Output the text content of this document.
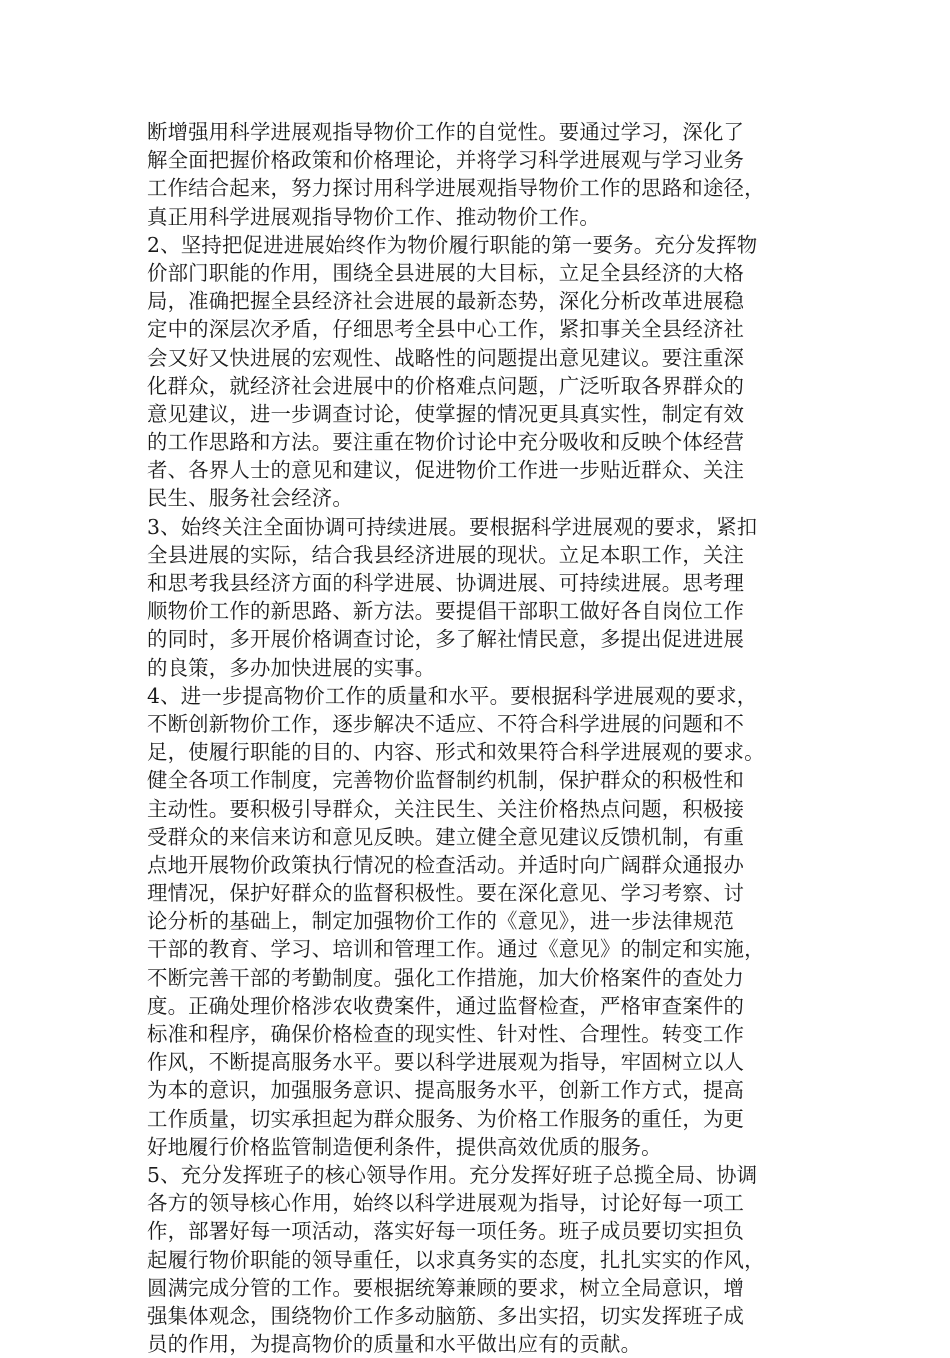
断增强用科学进展观指导物价工作的自觉性。要通过学习，深化了
解全面把握价格政策和价格理论，并将学习科学进展观与学习业务
工作结合起来，努力探讨用科学进展观指导物价工作的思路和途径，
真正用科学进展观指导物价工作、推动物价工作。
2、坚持把促进进展始终作为物价履行职能的第一要务。充分发挥物
价部门职能的作用，围绕全县进展的大目标，立足全县经济的大格
局，准确把握全县经济社会进展的最新态势，深化分析改革进展稳
定中的深层次矛盾，仔细思考全县中心工作，紧扣事关全县经济社
会又好又快进展的宏观性、战略性的问题提出意见建议。要注重深
化群众，就经济社会进展中的价格难点问题，广泛听取各界群众的
意见建议，进一步调查讨论，使掌握的情况更具真实性，制定有效
的工作思路和方法。要注重在物价讨论中充分吸收和反映个体经营
者、各界人士的意见和建议，促进物价工作进一步贴近群众、关注
民生、服务社会经济。
3、始终关注全面协调可持续进展。要根据科学进展观的要求，紧扣
全县进展的实际，结合我县经济进展的现状。立足本职工作，关注
和思考我县经济方面的科学进展、协调进展、可持续进展。思考理
顺物价工作的新思路、新方法。要提倡干部职工做好各自岗位工作
的同时，多开展价格调查讨论，多了解社情民意，多提出促进进展
的良策，多办加快进展的实事。
4、进一步提高物价工作的质量和水平。要根据科学进展观的要求，
不断创新物价工作，逐步解决不适应、不符合科学进展的问题和不
足，使履行职能的目的、内容、形式和效果符合科学进展观的要求。
健全各项工作制度，完善物价监督制约机制，保护群众的积极性和
主动性。要积极引导群众，关注民生、关注价格热点问题，积极接
受群众的来信来访和意见反映。建立健全意见建议反馈机制，有重
点地开展物价政策执行情况的检查活动。并适时向广阔群众通报办
理情况，保护好群众的监督积极性。要在深化意见、学习考察、讨
论分析的基础上，制定加强物价工作的《意见》，进一步法律规范
干部的教育、学习、培训和管理工作。通过《意见》的制定和实施，
不断完善干部的考勤制度。强化工作措施，加大价格案件的查处力
度。正确处理价格涉农收费案件，通过监督检查，严格审查案件的
标准和程序，确保价格检查的现实性、针对性、合理性。转变工作
作风，不断提高服务水平。要以科学进展观为指导，牢固树立以人
为本的意识，加强服务意识、提高服务水平，创新工作方式，提高
工作质量，切实承担起为群众服务、为价格工作服务的重任，为更
好地履行价格监管制造便利条件，提供高效优质的服务。
5、充分发挥班子的核心领导作用。充分发挥好班子总揽全局、协调
各方的领导核心作用，始终以科学进展观为指导，讨论好每一项工
作，部署好每一项活动，落实好每一项任务。班子成员要切实担负
起履行物价职能的领导重任，以求真务实的态度，扎扎实实的作风，
圆满完成分管的工作。要根据统筹兼顾的要求，树立全局意识，增
强集体观念，围绕物价工作多动脑筋、多出实招，切实发挥班子成
员的作用，为提高物价的质量和水平做出应有的贡献。
